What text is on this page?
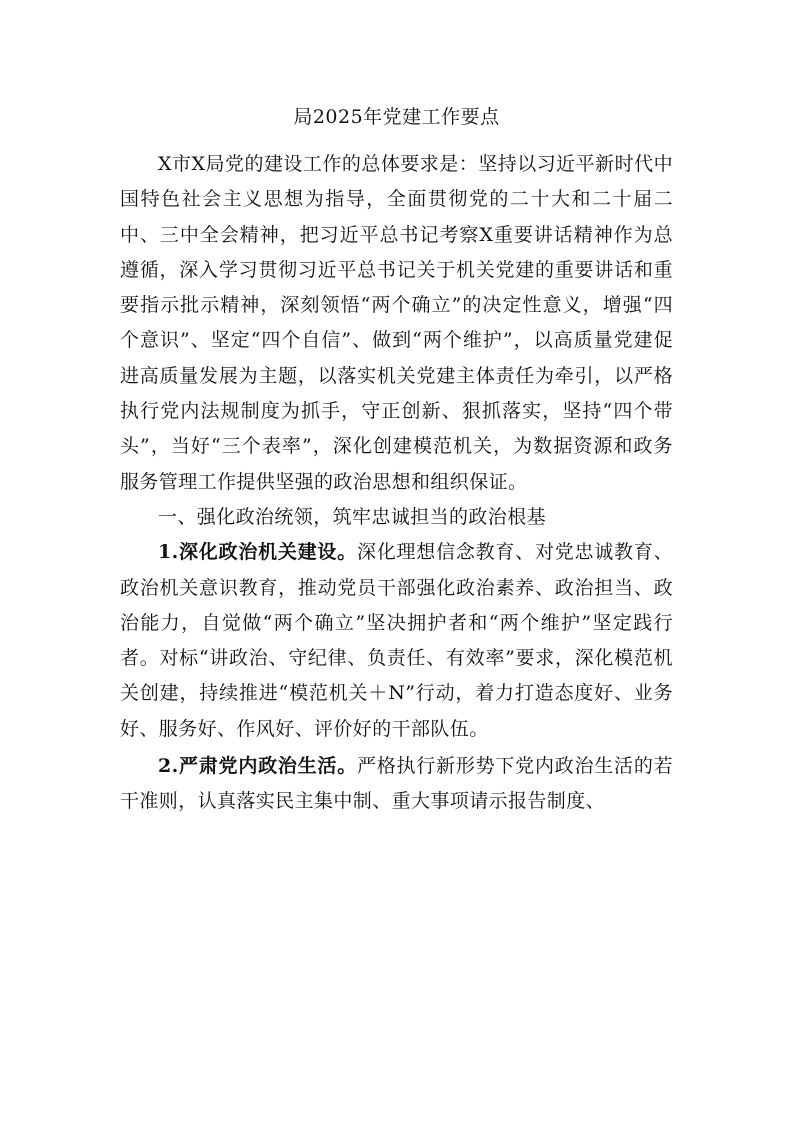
局2025年党建工作要点

X市X局党的建设工作的总体要求是：坚持以习近平新时代中国特色社会主义思想为指导，全面贯彻党的二十大和二十届二中、三中全会精神，把习近平总书记考察X重要讲话精神作为总遵循，深入学习贯彻习近平总书记关于机关党建的重要讲话和重要指示批示精神，深刻领悟“两个确立”的决定性意义，增强“四个意识”、坚定“四个自信”、做到“两个维护”，以高质量党建促进高质量发展为主题，以落实机关党建主体责任为牵引，以严格执行党内法规制度为抓手，守正创新、狠抓落实，坚持“四个带头”，当好“三个表率”，深化创建模范机关，为数据资源和政务服务管理工作提供坚强的政治思想和组织保证。

一、强化政治统领，筑牢忠诚担当的政治根基

1.深化政治机关建设。深化理想信念教育、对党忠诚教育、政治机关意识教育，推动党员干部强化政治素养、政治担当、政治能力，自觉做“两个确立”坚决拥护者和“两个维护”坚定践行者。对标“讲政治、守纪律、负责任、有效率”要求，深化模范机关创建，持续推进“模范机关＋N”行动，着力打造态度好、业务好、服务好、作风好、评价好的干部队伍。

2.严肃党内政治生活。严格执行新形势下党内政治生活的若干准则，认真落实民主集中制、重大事项请示报告制度、
